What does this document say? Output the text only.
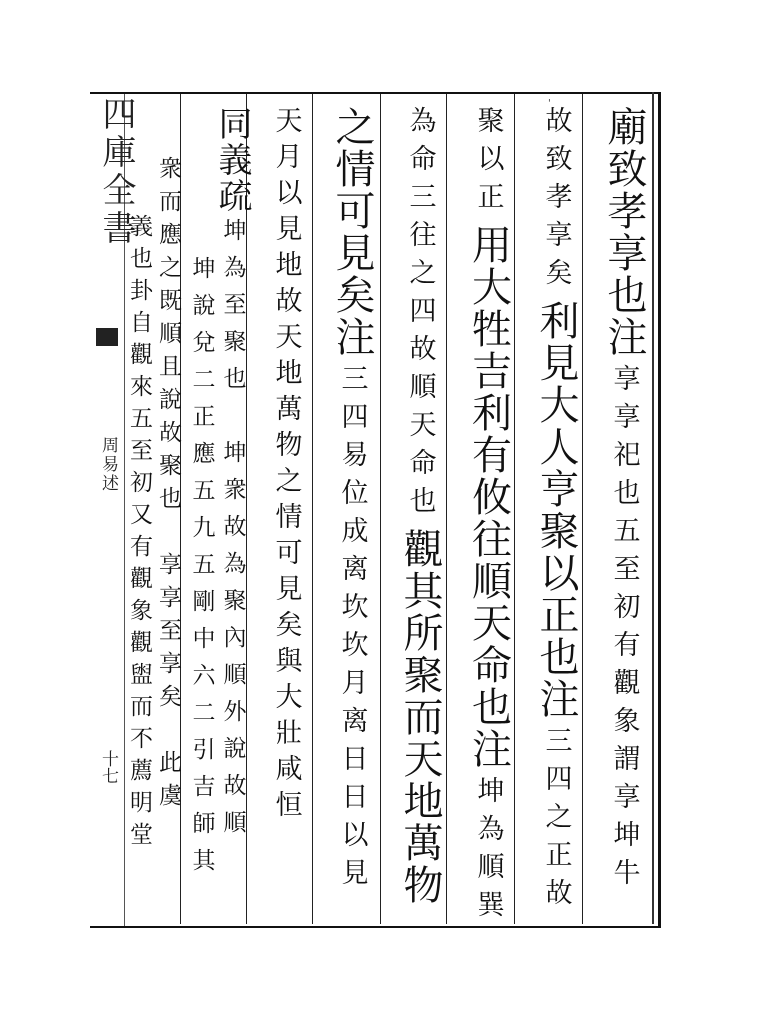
四庫全書
周易述
十七
'
廟致孝享也注
享享祀也五至初有觀象謂享坤牛
故致孝享矣
利見大人亨聚以正也注
三四之正故
聚以正
用大牲吉利有攸往順天命也注
坤為順巽
為命三往之四故順天命也
觀其所聚而天地萬物
之情可見矣注
三四易位成离坎坎月离日日以見
天月以見地故天地萬物之情可見矣與大壯咸恒
同義疏
坤為至聚也　坤衆故為聚內順外說故順
坤說兌二正應五九五剛中六二引吉師其
衆而應之既順且說故聚也　享享至享矣　此虞
義也卦自觀來五至初又有觀象觀盥而不薦明堂
